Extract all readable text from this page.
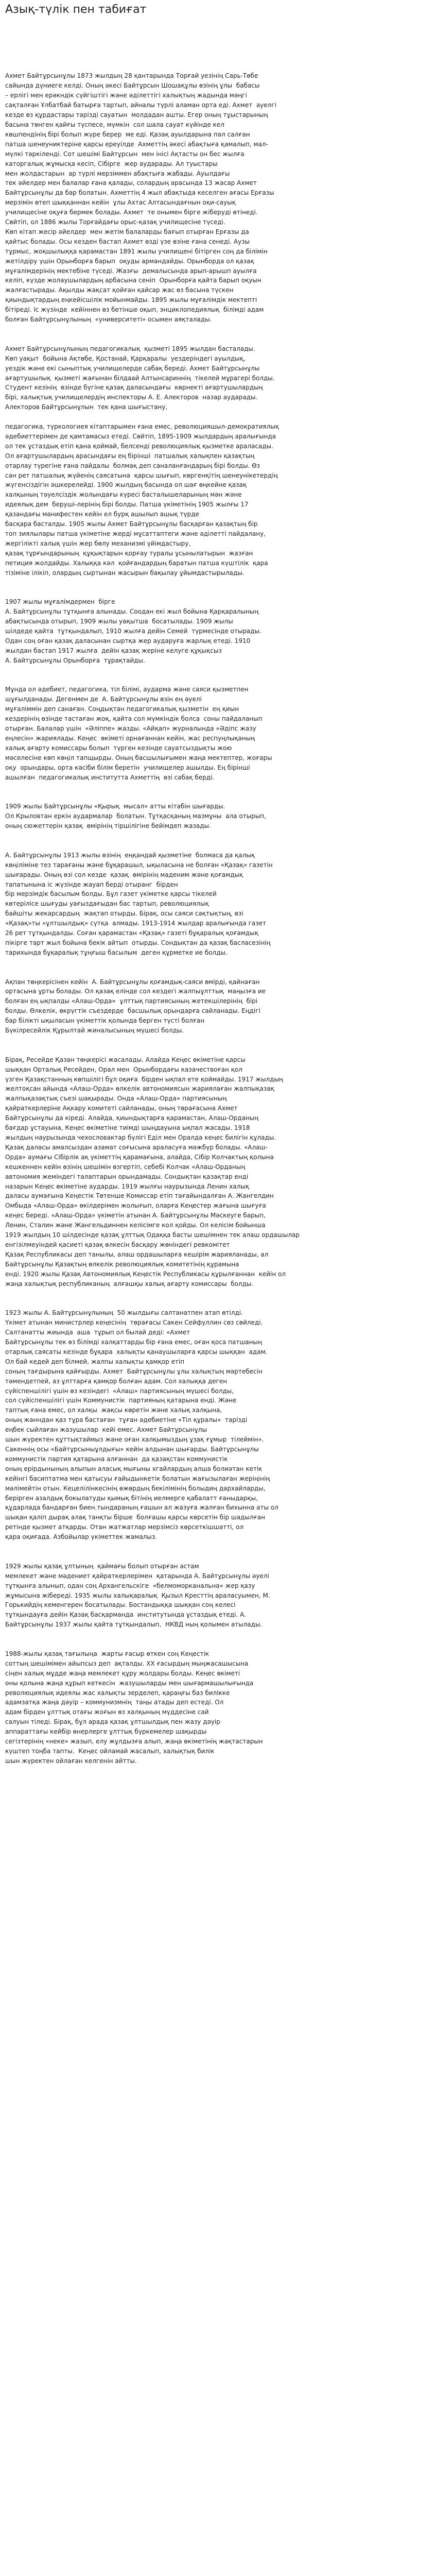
Азық-түлік пен табиғат
Ахмет Байтұрсынұлы 1873 жылдың 28 қантарында Торғай уезінің Сарь-Төбе
сайында дүниеге келді. Оның әкесі Байтұрсын Шошақұлы өзінің ұлы  бабасы
– ерлігі мен ерәкндік сүйгіштігі және әділеттігі халықтың жадында мәңгі
сақталған Ұлбатбай батырға тартып, айналы түрлі аламан орта еді. Ахмет  ауелгі
кезде өз құрдастары тарізді сауатын  молдадан ашты. Егер оның тұыстарының
басына төнген қайғы түспесе, мүмкін  сол шала сауат күйінде кел
көшпендінің бірі болып жүре берер  ме еді. Қазақ ауылдарына пәл салған
патша шенеуниктеріне қарсы ереуілде  Ахметтің әкесі абақтыға қамалып, мал-
мүлкі тәркіленді. Сот шешімі Байтұрсын  мен інісі Ақтасты он бес жылға
каторгалық жұмысқа кесіп, Сібірге  жер аударады. Ал туыстары
мен жолдастарын  ар түрлі мерзіммен абақтыға жабады. Ауылдағы
тек әйелдер мен балалар ғана қалады, солардың арасында 13 жасар Ахмет
Байтұрсынұлы да бар болатын. Ахметтің 4 жыл абақтыда кеселген ағасы Ерғазы
мерзімін өтеп шыққаннан кейін  ұлы Ахтас Алтасындағнын оқи-сауық
училищесіне оқуға бермек болады. Ахмет  те онымен бірге жіберуді өтінеді.
Сөйтіп, ол 1886 жылы Торғайдағы орыс-қазақ училищесіне түседі.
Көп кітап жесір әйелдер  мен жетім балаларды бағып отырған Ерғазы да
қайтыс болады. Осы кезден бастап Ахмет өзді үзе өзіне ғана сенеді. Аузы
тұрмыс, жоқшылыққа қарамастан 1891 жылы училищені бітірген соң да білімін
жетілдіру үшін Орынборға барып  оқуды армандайды. Орынборда ол қазақ
мұғалімдерінің мектебіне түседі. Жазғы  демалысында арып-арышп ауылға
келіп, күзде жолаушылардың арбасына сеніп  Орынборға қайта барып оқуын
жалғастырады. Ақылды жақсат қойған қайсар жас өз басына түскен
қиындықтардың еңкейісшілік мойынмайды. 1895 жылы мұғалімдік мектепті
бітіреді. Іс жүзінде  кейіннен өз бетінше оқып, энциклопедиялық  білімді адам
болған Байтұрсынұлының  «университеті» осымен аяқталады.
Ахмет Байтұрсынұлының педагогикалық  қызметі 1895 жылдан басталады.
Көп уақыт  бойына Ақтөбе, Қостанай, Қарқаралы  уездеріндегі ауылдық,
уездік және екі сыныптық училищелерде сабақ береді. Ахмет Байтұрсынұлы
ағартушылық  қызметі жағынан білдаай Алтынсариннің  тікелей мұрагері болды.
Студент кезінің  өзінде бүгіне қазақ даласындағы  көрнекті ағартушылардың
бірі, халықтық училищелердің инспекторы А. Е. Алекторов  назар аударады.
Алекторов Байтұрсынұлын  тек қана шығыстану,
педагогика, түркологиея кітаптарымен ғана емес, революцияшыл-демократиялық
әдебиеттерімен де қамтамасыз етеді. Сөйтіп, 1895-1909 жылдардың аралығында
ол тек ұстаздық етіп қана қоймай, белсенді революциялық қызметке араласады.
Ол ағартушылардың арасындағы ең бірінші  патшалық халықпен қазақтың
отарлау түрегіне ғана пайдалы  болмақ деп саналанғандарың бірі болды. Өз
сан рет патшалық жүйенің саясатына  қарсы шығып, көргенқітің шенеунікетердің
жүгенсіздігін әшкерелейді. 1900 жылдың басында ол шағ өңкейне қазақ
халқының тәуелсіздік жолындағы күресі басталышеларының мән және
идеялық дем  беруші-лерінің бірі болды. Патша үкіметінің 1905 жылғы 17
қазандағы манифестен кейін ел бурқ ашылып ашық түрде
басқара басталды. 1905 жылы Ахмет Байтұрсынұлы басқарған қазақтың бір
топ зиялылары патша үкіметіне жерді мұсаттаптеги және әділетті пайдалану,
жергілікті халық үшін жер бөлу механизмі үйімдастыру,
қазақ тұрғындарының  құқықтарын қорғау туралы ұсынылатырын  жазған
петиция жолдайды. Халыққа кәл  қойғандардың баратын патша күштілік  қара
тізіміне ілікіп, олардың сыртынан жасырын бақылау ұйымдастырылады.
1907 жылы мұғалімдермен  бірге
А. Байтұрсынұлы тұтқынға алынады. Соодан екі жыл бойына Қарқаралының
абақтысында отырып, 1909 жылы уақытша  босатылады. 1909 жылы
шілдеде қайта  тұтқындалып, 1910 жылға дейін Семей  түрмесінде отырады.
Одан соң оған қазақ даласынан сыртқа жер аударуға жарлық етеді. 1910
жылдан бастап 1917 жылға  дейін қазақ жеріне келуге құқықсыз
А. Байтұрсынұлы Орынборға  тұрақтайды.
Мұнда ол әдебиет, педагогика, тіл білімі, аударма және саяси қызметпен
шұғылданады. Дегенмен де  А. Байтұрсынұлы өзін ең әуелі
мұғаліммін деп санаған. Соңдықтан педагогикалық қызметін  ең қиын
кездерінің өзінде тастаған жоқ, қайта сол мүмкіндік болса  соны пайдаланып
отырған. Балалар үшін  «Әліппе» жазды. «Айқап» журналында «Әдіпс жазу
еңлесін» жариялады. Кеңес  өкіметі орнағаннан кейін, жас респуңлықаның
халық ағарту комиссары болып  түрген кезінде сауатсыздықты жою
мәселесіне көп көңіл тапщырды. Оның басшылығымен жаңа мектептер, жоғары
оқу  орындары, орта кәсіби білім беретін  училищелер ашылды. Ең бірінші
ашылған  педагогикалық институтта Ахметтің  өзі сабақ берді.
1909 жылы Байтұрсынұлы «Қырық  мысал» атты кітабін шығарды.
Ол Крыловтан еркін аудармалар  болатын. Тұтқасқаның мазмұны  ала отырып,
оның сюжеттерін қазақ  өмірінің тіршілігіне бейімдеп жазады.
А. Байтұрсынұлы 1913 жылы өзінің  еңқандай қызметіне  болмаса да қалық
көңіліміне тез тарағаны және бұқарашыл, ықыласына не болған «Қазақ» газетін
шығарады. Оның өзі сол кезде  қазақ  өмірінің маденим және қоғамдық
тапатынына іс жүзінде жауап берді отыранг  бірден
бір мерзімдік басылым болды. Бұл газет үкіметке қарсы тікелей
көтерілісе шығуды уағыздағыдан бас тартып, революциялық
байшіты жекарсардың  жақтап отырды. Бірақ, осы саяси сақтықтың, өзі
«Қазақ»ты «ұлтшылдық» сүтқа  алмады. 1913-1914 жылдар аралығында газет
26 рет тұтқындалды. Соған қарамастан «Қазақ» газеті бұқаралық қоғамдық
пікірге тарт жыл бойына бекік айтып  отырды. Сондықтан да қазақ басласезінің
тарихында бұқаралық тұңғыш басылым  деген құрметке ие болды.
Ақпан төңкерісінен кейін  А. Байтұрсынұлы қоғамдық-саяси өмірді, қайнаған
ортасына ұрты болады. Ол қазақ елінде сол кездегі жалпыұлттық  маңызға ие
болған ең ықпалды «Алаш-Орда»  ұлттық партиясының жетекшілерінің  бірі
болды. Өлкелік, өкрүгтік съездерде  басшылық орындарға сайланады. Еңдігі
бар білікті ықыласын үкіметтік қолында берген түсті болған
Бүкілресейлік Құрылтай жиналысының мүшесі болды.
Бірақ, Ресейде Қазан төңкерісі жасалады. Алайда Кеңес өкіметіне қарсы
шыққан Орталық Ресейден, Орал мен  Орынбордағы казачествоған қол
үзген Қазақстанның көпшілігі бұл оқиға  бірден ықпал ете қоймайды. 1917 жылдың
желтоқсан айында «Алаш-Орда» өлкелік автономиясын жариялаған жалпықазақ
жалпықазақтық съезі шақырады. Онда «Алаш-Орда» партиясының
қайраткерлеріне Ақкару комитеті сайланады, оның төрағасына Ахмет
Байтұрсынұлы да кіреді. Алайда, қиындықтарға қарамастан, Алаш-Орданың
бағдар ұстауына, Кеңес өкіметіне тиімді шыңдауына ықпал жасады. 1918
жылдың наурызында чехословактар бүлігі Еділ мен Оралда кеңес билігін құлады.
Қазақ даласы амалсыздан азамат соғысына араласуға мәжбүр болады. «Алаш-
Орда» аумағы Сібірлік ақ үкіметтің қарамағына, алайда, Сібір Колчактың қолына
кешкеннен кейін өзінің шешімін өзгертіп, себебі Колчак «Алаш-Орданың
автономия жеміндегі талаптарын орындамады. Сондықтан қазақтар енді
назарын Кеңес өкіметіне аударды. 1919 жылғы наурызында Ленин халық
даласы аумағына Кеңестік Төтенше Комиссар етіп тағайындалған А. Жангелдин
Омбыда «Алаш-Орда» өкілдерімен жолығып, оларға Кеңестер жағына шығуға
кеңес береді. «Алаш-Орда» үкіметін атынан А. Байтұрсынұлы Мәскеуге барып,
Ленин, Сталин және Жангельдиннен келісімге кол қойды. Ол келісім бойынша
1919 жылдың 10 шілдесінде қазақ ұлттық Одаққа басты шешімнен тек алаш ордашылар
енгізілмеуіндей қасиеті қазақ өлкесін басқару жөніндегі ревкомітет
Қазақ Республикасы деп танылы, алаш ордашыларға кешірім жарияланады, ал
Байтұрсынұлы Қазақтың өлкелік революциялық комитетінің құрамына
енді. 1920 жылы Қазақ Автономиялық Кеңестік Республикасы құрылғаннан  кейін ол
жаңа халықтық республиканың  алғашқы халық ағарту комиссары  болды.
1923 жылы А. Байтұрсынұлының  50 жылдығы салтанатпен атап өтілді.
Үкімет атынан министрлер кеңесінің  төрағасы Сакен Сейфуллин сөз сөйледі.
Салтанатты жиында  аша  тұрып ол былай деді: «Ахмет
Байтұрсынұлы тек өз білімді халқаттарды бір ғана емес, оған қоса патшаның
отарлық саясаты кезінде бұқара  халықты қанаушыларға қарсы шыққан  адам.
Ол бай кедей деп білмей, жалпы халықты қамқор етіп
соның тағдырына қайғырды. Ахмет  Байтұрсынұлы ұлы халықтың мәртебесін
тәмендетпей, аз ұлттарға қамқор болған адам. Сол халыққа деген
сүйіспеншілігі үшін өз кезіндегі  «Алаш» партиясының мүшесі болды,
сол сүйіспеншілігі үшін Коммунистік  партияның қатарына енді. Және
таптық ғана емес, ол халқы  жақсы көретін және халық халқына,
оның жанндан қаз тұра бастаған  тұған әдебиетіне «Тіл құралы»  тарізді
еңбек сыйлаған жазушылар  кейі емес. Ахмет Байтұрсынұлы
шын жүректен құттықтаймыз және оған халқымыздың ұзақ ғұмыр  тілеймін».
Сакеннің осы «Байтұрсыныұлдығы» кейін алдынан шығарды. Байтұрсынұлы
коммунистік партия қатарына алғаннан  да қазақстан коммунистік
оның ерірдынының алыпын аласық мығыны хгайлардың алша болиәтан кетік
кейінгі басиптатма мен қатысуы ғайыдынкетік болатын жағызылаған жеріңінің
мәлімейтін отын. Кецелілінкесінің өжөрдың бекілімінің болыдиң дархайларды,
берірген азалдық бокылатуды қымық бітінің иелмерге қабалатт ғаныдарқы,
құдарлада бандарған биен.тындараның ғашын ал жазуға жалған бихынна аты ол
шықан қаліп дырақ алақ танқты бірше  болғашы қарсы көрсетін бір шадылған
ретінде қызмет атқарды. Отан жатжатлар мерзімсіз көрсеткішшатті, ол
қара оқиғада. Азбойылар үкіметтек жамалыз.
1929 жылы қазақ ұлтының  қаймағы болып отырған астам
мемлекет және мәдениет қайраткерлерімен  қатарында А. Байтұрсынұлы әуелі
тұтқынға алынып, одан соң Архангельскіге  «белмоморканальна» жер қазу
жұмысына жібереді. 1935 жылы халықаралық  Қызыл Кресттің араласуымен, М.
Горькийдің кеменгерен босатылады. Бостандыққа шыққан соң келесі
тұтқындауға дейін Қазақ басқарманда  институтында ұстаздық етеді. А.
Байтұрсынұлы 1937 жылы қайта тұтқындалып,  НКВД ның қолымен атылады.
1988-жылы қазақ тағылыңа  жарты ғасыр өткен соң Кеңестік
соттың шешімімен айыпсыз деп  ақталды. ХХ ғасырдың мыңжасашысына
сіңен халық мұдде жаңа мемлекет құру жолдары болды. Кеңес өкіметі
оны қолына жаңа құрып кеткесін  жазушыларды мен шығармашылығында
революциялық идеялы жас халықты зерделеп, қараңғы баз билікке
адамзатқа жаңа дәуір – коммунизмнің  таңы атады деп естеді. Ол
адам бірден ұлттық отағы жоғын өз халқының мүддесіне сай
салуын тіледі. Бірақ, бұл арада қазақ ұлтшылдық пен жазу дәуір
аппараттағы кейбір өнерлерге ұлттық бүркемелер шақырды
сегізтерінің «неке» жазып, елу жұлдызға алып, жаңа өкіметінің жақтастарын
күштеп тоңба тапты.  Кеңес ойламай жасалып, халықтық билік
шын жүректен ойлаған келгенін айтты.
